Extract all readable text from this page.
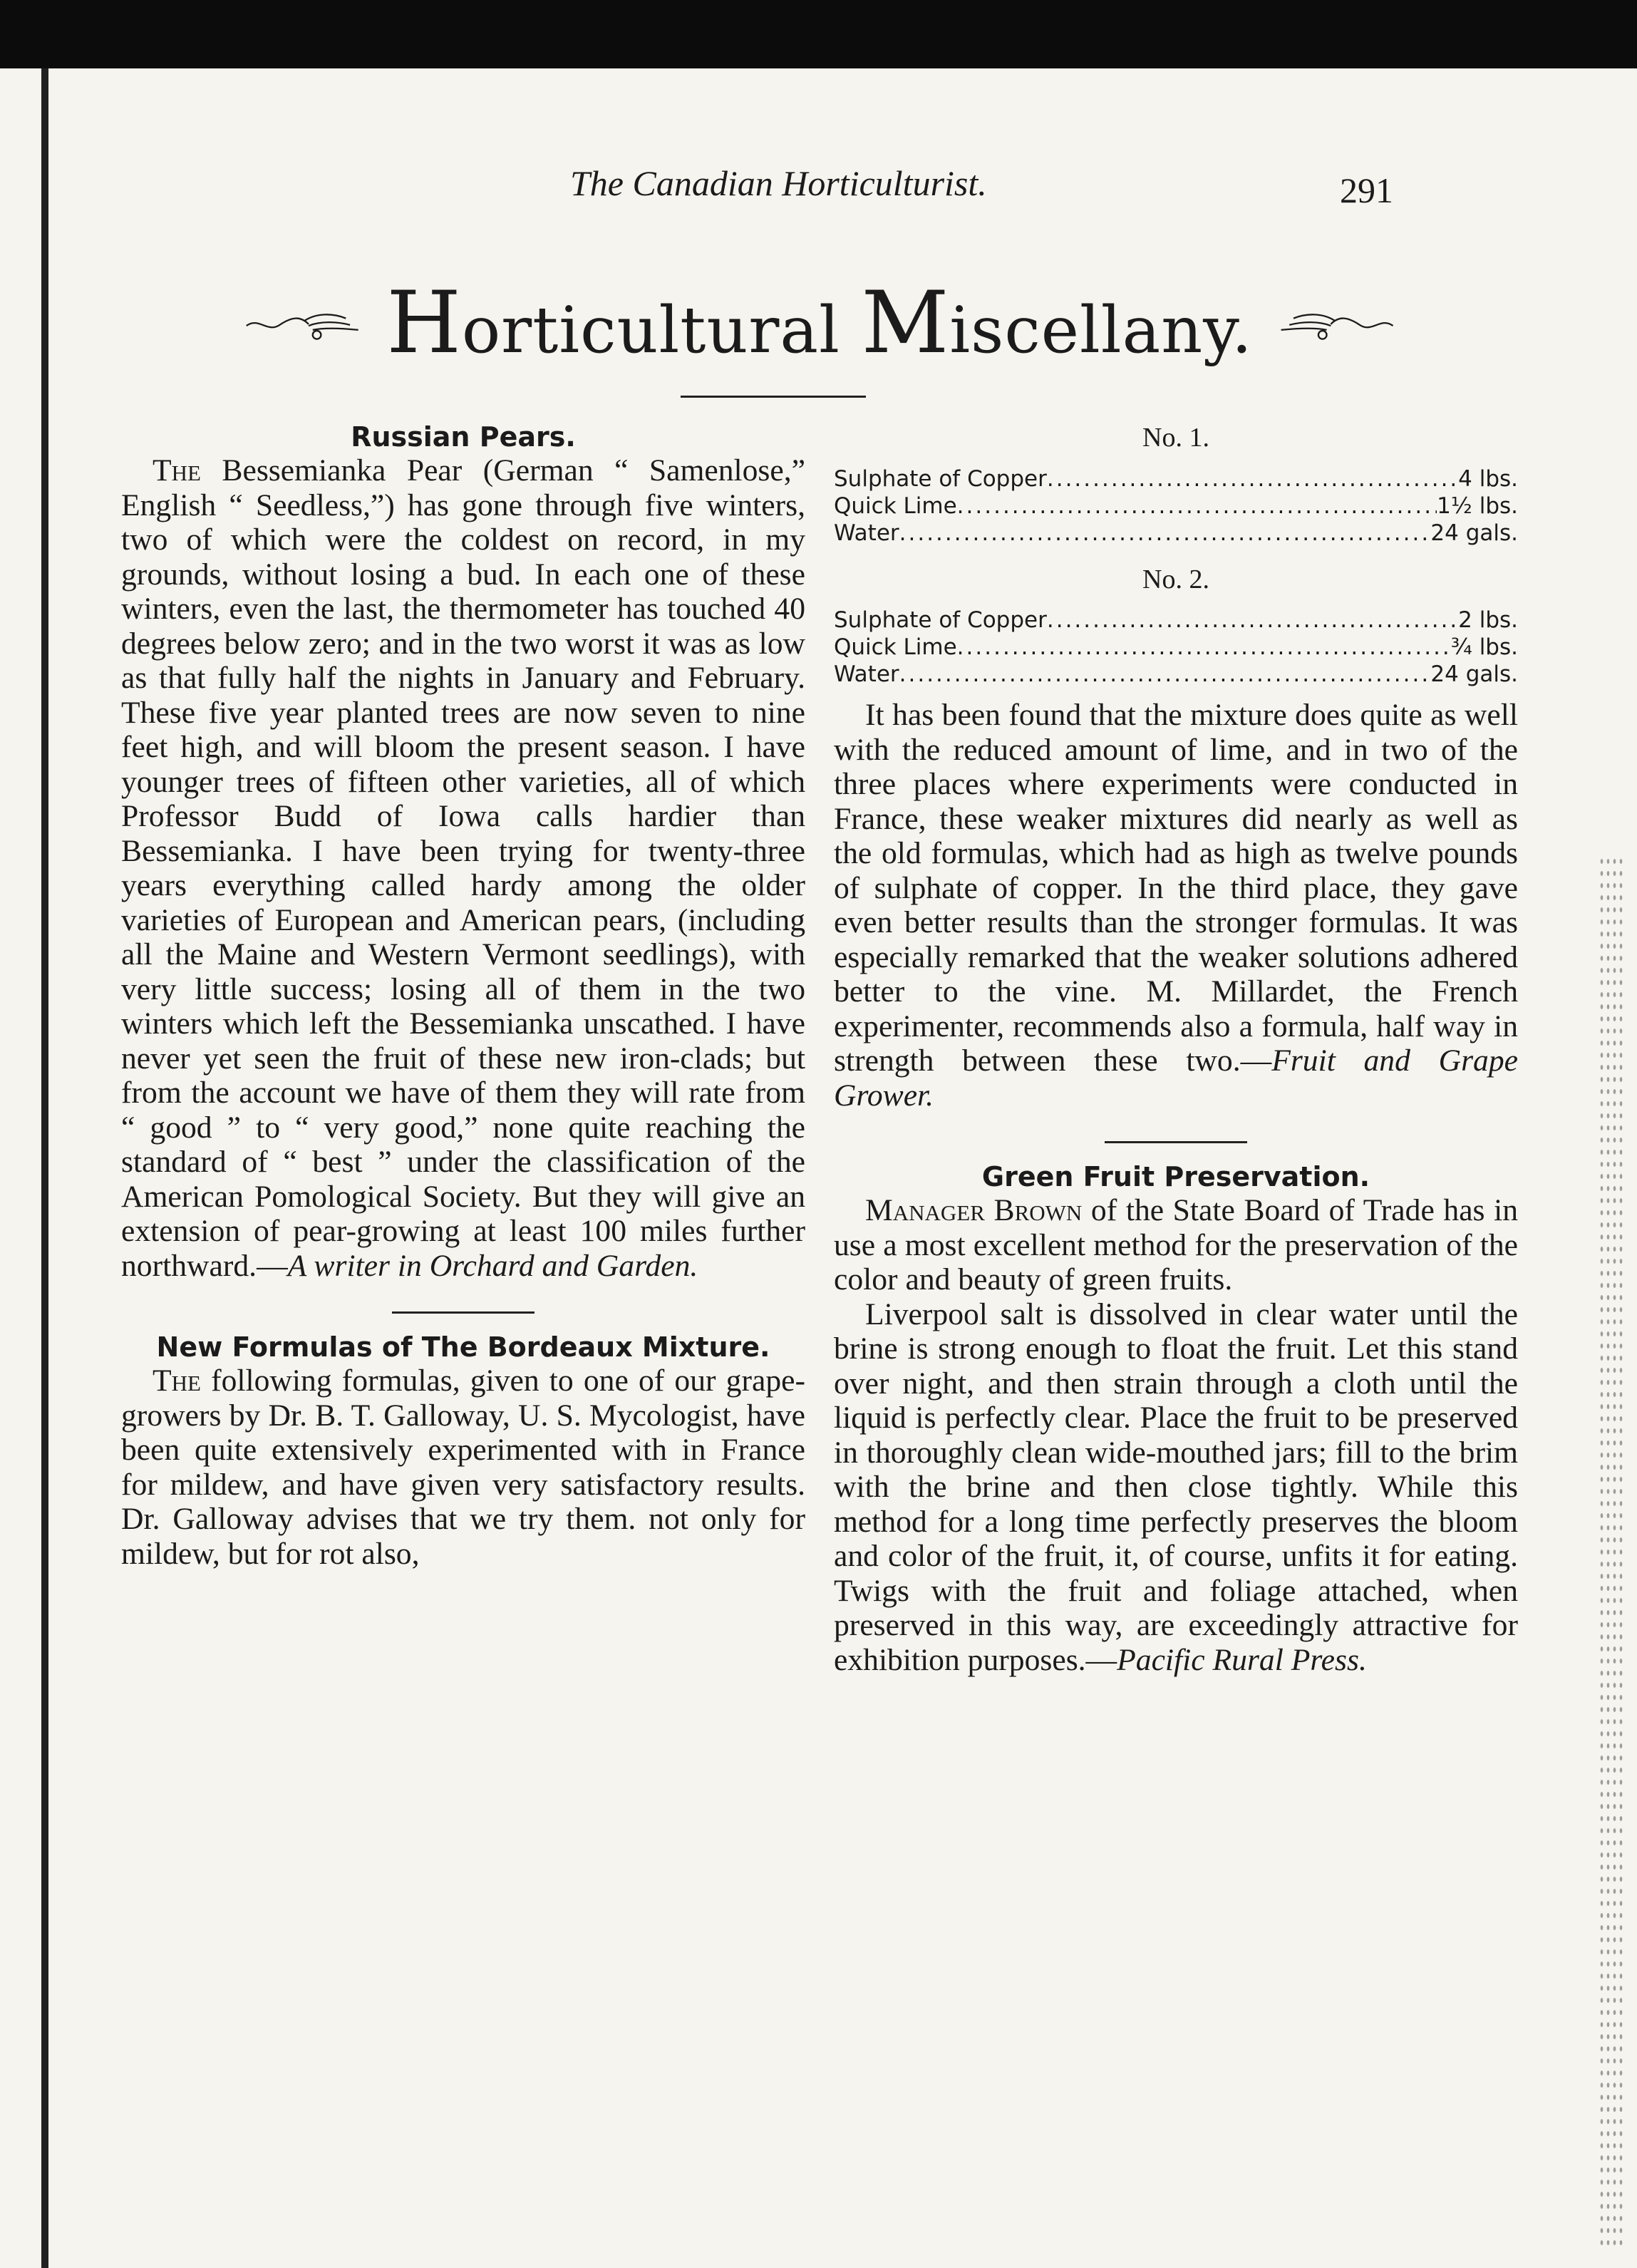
The Canadian Horticulturist.	291
Horticultural Miscellany.
Russian Pears.

The Bessemianka Pear (German “ Samenlose,” English “ Seedless,”) has gone through five winters, two of which were the coldest on record, in my grounds, without losing a bud. In each one of these winters, even the last, the thermometer has touched 40 degrees below zero; and in the two worst it was as low as that fully half the nights in January and February. These five year planted trees are now seven to nine feet high, and will bloom the present season. I have younger trees of fifteen other varieties, all of which Professor Budd of Iowa calls hardier than Bessemianka. I have been trying for twenty-three years everything called hardy among the older varieties of European and American pears, (including all the Maine and Western Vermont seedlings), with very little success; losing all of them in the two winters which left the Bessemianka unscathed. I have never yet seen the fruit of these new iron-clads; but from the account we have of them they will rate from “ good ” to “ very good,” none quite reaching the standard of “ best ” under the classification of the American Pomological Society. But they will give an extension of pear-growing at least 100 miles further northward.—A writer in Orchard and Garden.

New Formulas of The Bordeaux Mixture.

The following formulas, given to one of our grape-growers by Dr. B. T. Galloway, U. S. Mycologist, have been quite extensively experimented with in France for mildew, and have given very satisfactory results. Dr. Galloway advises that we try them. not only for mildew, but for rot also,

No. 1.
Sulphate of Copper .....	4 lbs.
Quick Lime .....	1½ lbs.
Water .....	24 gals.
No. 2.
Sulphate of Copper .....	2 lbs.
Quick Lime .....	¾ lbs.
Water .....	24 gals.

It has been found that the mixture does quite as well with the reduced amount of lime, and in two of the three places where experiments were conducted in France, these weaker mixtures did nearly as well as the old formulas, which had as high as twelve pounds of sulphate of copper. In the third place, they gave even better results than the stronger formulas. It was especially remarked that the weaker solutions adhered better to the vine. M. Millardet, the French experimenter, recommends also a formula, half way in strength between these two.—Fruit and Grape Grower.

Green Fruit Preservation.

Manager Brown of the State Board of Trade has in use a most excellent method for the preservation of the color and beauty of green fruits.

Liverpool salt is dissolved in clear water until the brine is strong enough to float the fruit. Let this stand over night, and then strain through a cloth until the liquid is perfectly clear. Place the fruit to be preserved in thoroughly clean wide-mouthed jars; fill to the brim with the brine and then close tightly. While this method for a long time perfectly preserves the bloom and color of the fruit, it, of course, unfits it for eating. Twigs with the fruit and foliage attached, when preserved in this way, are exceedingly attractive for exhibition purposes.—Pacific Rural Press.
